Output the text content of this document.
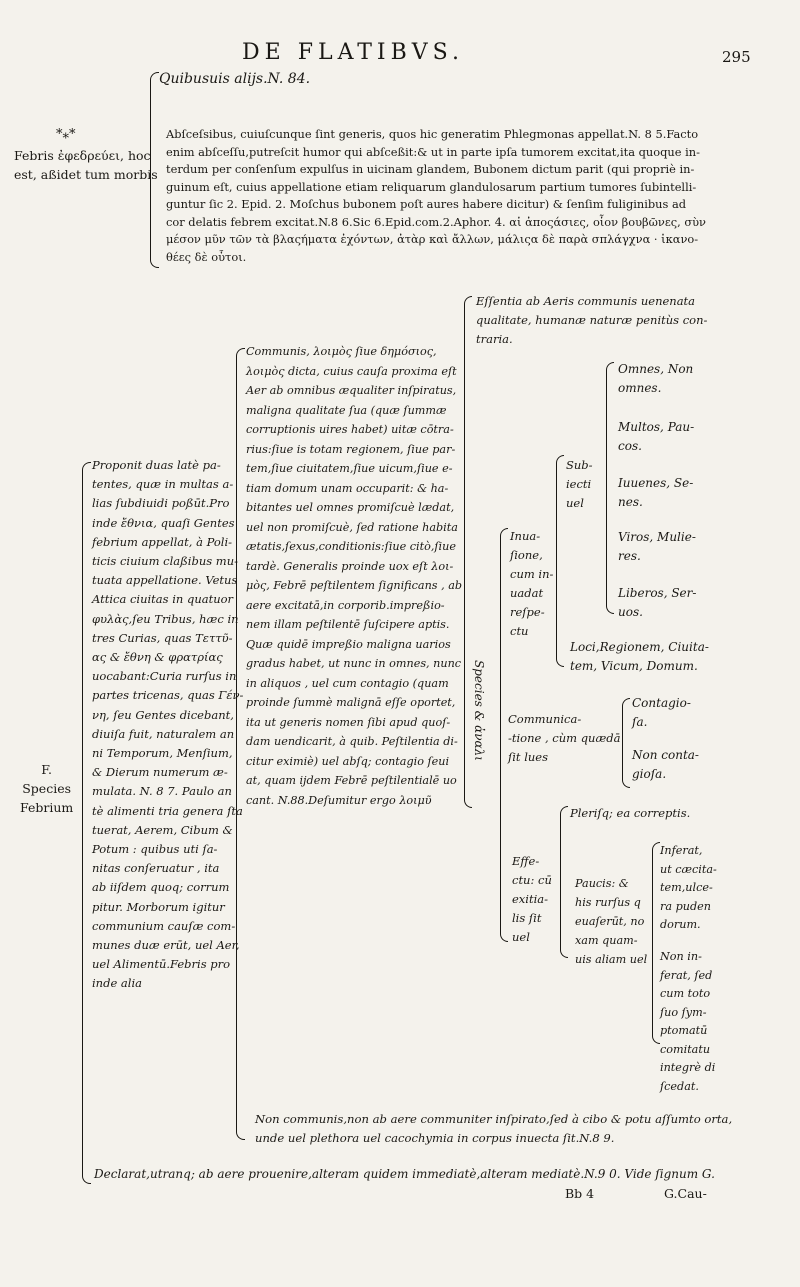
DE FLATIBVS.	295
Quibusuis alijs.N. 84.
*⁎*
Febris ἐφεδρεύει, hoc
est, aßidet tum morbis
Abſceſsibus, cuiuſcunque ſint generis, quos hic generatim Phlegmonas appellat.N. 8 5.Facto
enim abſceſſu,putreſcit humor qui abſceßit:& ut in parte ipſa tumorem excitat,ita quoque in-
terdum per conſenſum expulſus in uicinam glandem, Bubonem dictum parit (qui propriè in-
guinum eſt, cuius appellatione etiam reliquarum glandulosarum partium tumores ſubintelli-
guntur ſic 2. Epid. 2. Moſchus bubonem poſt aures habere dicitur) & ſenſim fuliginibus ad
cor delatis febrem excitat.N.8 6.Sic 6.Epid.com.2.Aphor. 4. αἱ ἀποςάσιες, οἷον βουβῶνες, σὺν
μέσον μῦν τῶν τὰ βλαςήματα ἐχόντων, ἀτὰρ καὶ ἄλλων, μάλιςα δὲ παρὰ σπλάγχνα · ἱκανο-
θέες δὲ οὗτοι.
F.
Species
Febrium
Proponit duas latè pa-
tentes, quæ in multas a-
lias ſubdiuidi poßūt.Pro
inde ἔθνια, quaſi Gentes
febrium appellat, à Poli-
ticis ciuium claßibus mu-
tuata appellatione. Vetus
Attica ciuitas in quatuor
φυλὰς,ſeu Tribus, hæc in
tres Curias, quas Τεττῦ-
ας & ἔθνη & φρατρίας
uocabant:Curia rurſus in
partes tricenas, quas Γέν-
νη, ſeu Gentes dicebant,
diuiſa fuit, naturalem an
ni Temporum, Menſium,
& Dierum numerum æ-
mulata. N. 8 7. Paulo an
tè alimenti tria genera ſta
tuerat, Aerem, Cibum &
Potum : quibus uti ſa-
nitas conſeruatur , ita
ab iiſdem quoq; corrum
pitur. Morborum igitur
communium cauſæ com-
munes duæ erūt, uel Aer,
uel Alimentū.Febris pro
inde alia
Declarat,utranq; ab aere prouenire,alteram quidem immediatè,alteram mediatè.N.9 0. Vide ſignum G.
Communis, λοιμὸς ſiue δημόσιος,
λοιμὸς dicta, cuius cauſa proxima eſt
Aer ab omnibus æqualiter inſpiratus,
maligna qualitate ſua (quæ ſummæ
corruptionis uires habet) uitæ cōtra-
rius:ſiue is totam regionem, ſiue par-
tem,ſiue ciuitatem,ſiue uicum,ſiue e-
tiam domum unam occuparit: & ha-
bitantes uel omnes promiſcuè lædat,
uel non promiſcuè, ſed ratione habita
ætatis,ſexus,conditionis:ſiue citò,ſiue
tardè. Generalis proinde uox eſt λοι-
μὸς, Febrē peſtilentem ſignificans , ab
aere excitatā,in corporib.impreßio-
nem illam peſtilentē ſuſcipere aptis.
Quæ quidē impreßio maligna uarios
gradus habet, ut nunc in omnes, nunc
in aliquos , uel cum contagio (quam
proinde ſummè malignā eſſe oportet,
ita ut generis nomen ſibi apud quoſ-
dam uendicarit, à quib. Peſtilentia di-
citur eximiè) uel abſq; contagio ſeui
at, quam ijdem Febrē peſtilentialē uo
cant. N.88.Deſumitur ergo λοιμῦ
Non communis,non ab aere communiter inſpirato,ſed à cibo & potu aſſumto orta,
unde uel plethora uel cacochymia in corpus inuecta ſit.N.8 9.
Species & ἀναλι
Eſſentia ab Aeris communis uenenata
qualitate, humanæ naturæ penitùs con-
traria.
Inua-
ſione,
cum in-
uadat
reſpe-
ctu
Sub-
iecti
uel
Omnes, Non
omnes.
Multos, Pau-
cos.
Iuuenes, Se-
nes.
Viros, Mulie-
res.
Liberos, Ser-
uos.
Loci,Regionem, Ciuita-
tem, Vicum, Domum.
Communica-
-tione , cùm quædā
ſit lues
Contagio-
ſa.
Non conta-
gioſa.
Effe-
ctu: cū
exitia-
lis ſit
uel
Pleriſq; ea correptis.
Paucis: &
his rurſus q
euaſerūt, no
xam quam-
uis aliam uel
Inferat,
ut cæcita-
tem,ulce-
ra puden
dorum.
Non in-
ferat, ſed
cum toto
ſuo ſym-
ptomatū
comitatu
integrè di
ſcedat.
Bb 4	G.Cau-
